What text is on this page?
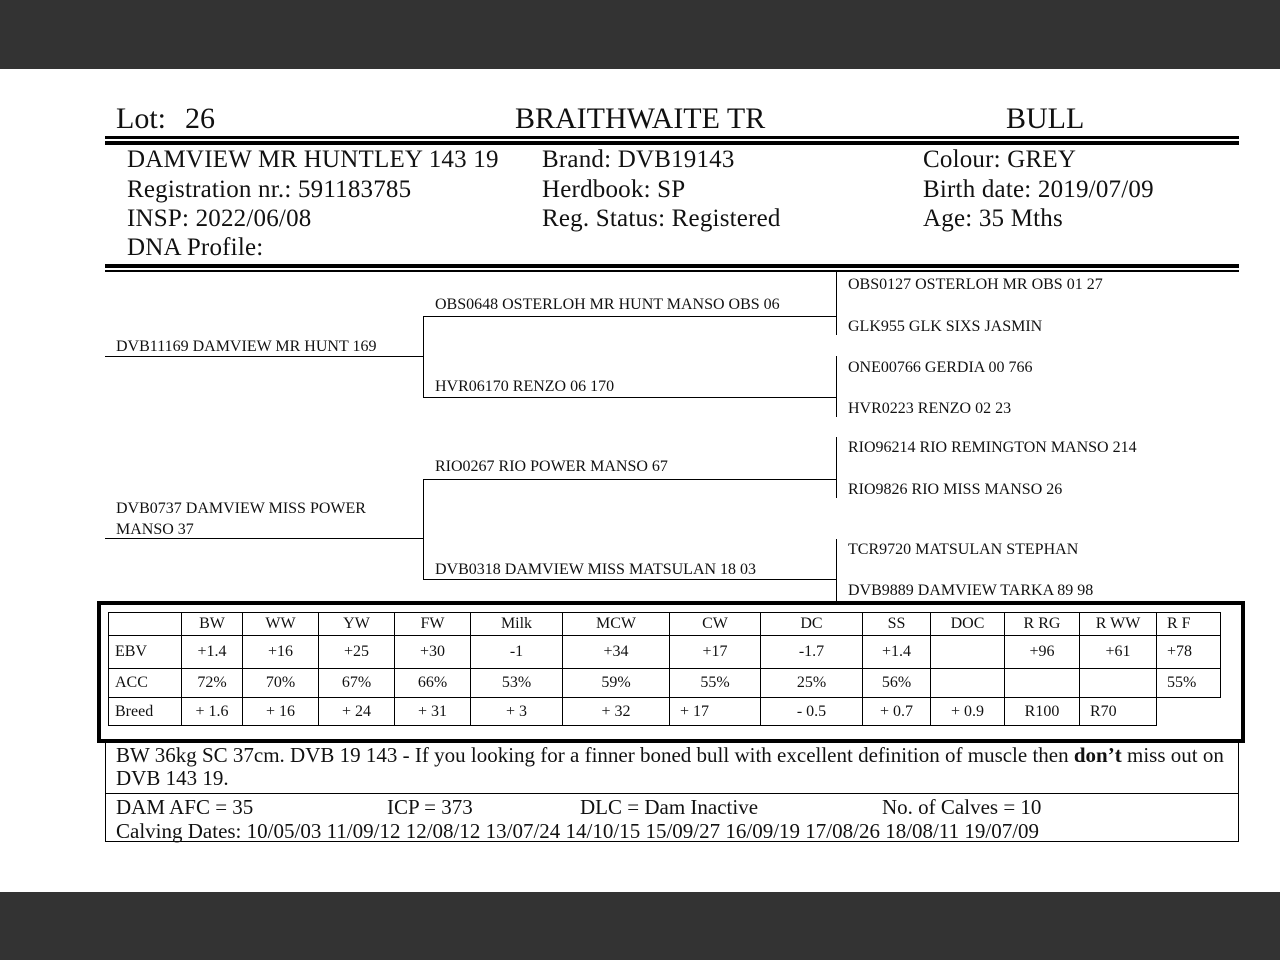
Lot: 26	BRAITHWAITE TR	BULL
DAMVIEW MR HUNTLEY 143 19
Registration nr.: 591183785
INSP: 2022/06/08
DNA Profile:
Brand: DVB19143
Herdbook: SP
Reg. Status: Registered
Colour: GREY
Birth date: 2019/07/09
Age: 35 Mths
DVB11169 DAMVIEW MR HUNT 169
DVB0737 DAMVIEW MISS POWER
MANSO 37
OBS0648 OSTERLOH MR HUNT MANSO OBS 06
HVR06170 RENZO 06 170
RIO0267 RIO POWER MANSO 67
DVB0318 DAMVIEW MISS MATSULAN 18 03
OBS0127 OSTERLOH MR OBS 01 27
GLK955 GLK SIXS JASMIN
ONE00766 GERDIA 00 766
HVR0223 RENZO 02 23
RIO96214 RIO REMINGTON MANSO 214
RIO9826 RIO MISS MANSO 26
TCR9720 MATSULAN STEPHAN
DVB9889 DAMVIEW TARKA 89 98
	BW	WW	YW	FW	Milk	MCW	CW	DC	SS	DOC	R RG	R WW	R F
EBV	+1.4	+16	+25	+30	-1	+34	+17	-1.7	+1.4		+96	+61	+78
ACC	72%	70%	67%	66%	53%	59%	55%	25%	56%				55%
Breed	+ 1.6	+ 16	+ 24	+ 31	+ 3	+ 32	+ 17	- 0.5	+ 0.7	+ 0.9	R100	R70	
BW 36kg SC 37cm. DVB 19 143 - If you looking for a finner boned bull with excellent definition of muscle then don’t miss out on DVB 143 19.
DAM AFC = 35	ICP = 373	DLC = Dam Inactive	No. of Calves = 10
Calving Dates: 10/05/03 11/09/12 12/08/12 13/07/24 14/10/15 15/09/27 16/09/19 17/08/26 18/08/11 19/07/09
